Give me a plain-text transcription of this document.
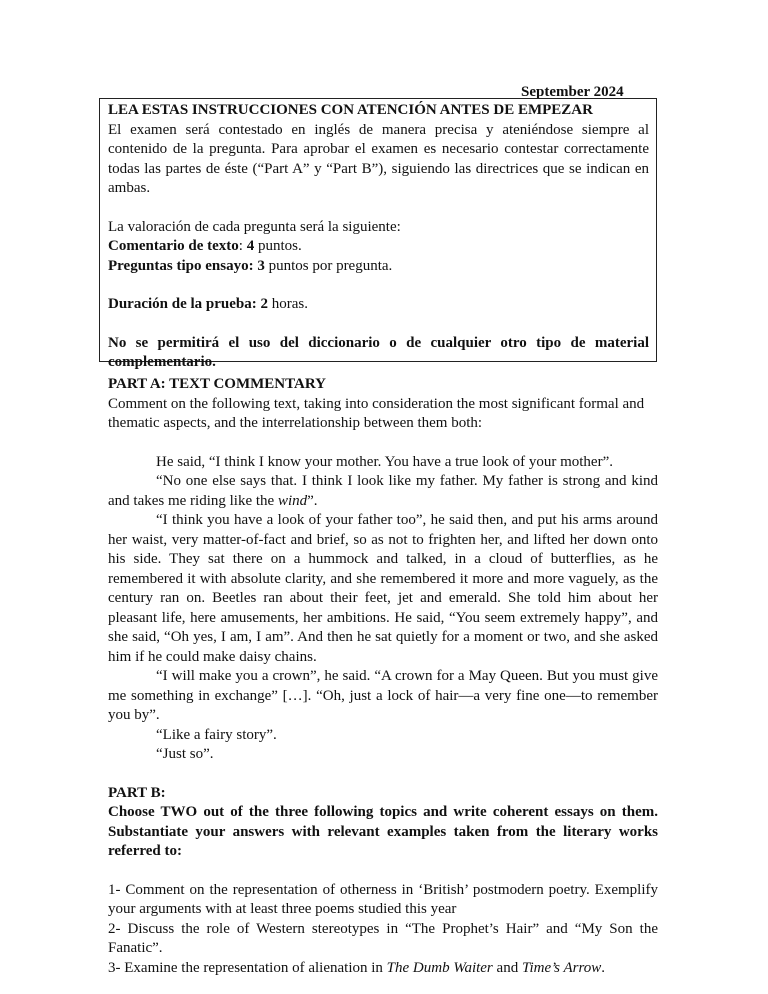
September 2024

LEA ESTAS INSTRUCCIONES CON ATENCIÓN ANTES DE EMPEZAR

El examen será contestado en inglés de manera precisa y ateniéndose siempre al contenido de la pregunta. Para aprobar el examen es necesario contestar correctamente todas las partes de éste (“Part A” y “Part B”), siguiendo las directrices que se indican en ambas.

La valoración de cada pregunta será la siguiente:

Comentario de texto: 4 puntos.

Preguntas tipo ensayo: 3 puntos por pregunta.

Duración de la prueba: 2 horas.

No se permitirá el uso del diccionario o de cualquier otro tipo de material complementario.

PART A: TEXT COMMENTARY

Comment on the following text, taking into consideration the most significant formal and thematic aspects, and the interrelationship between them both:

He said, “I think I know your mother. You have a true look of your mother”.

“No one else says that. I think I look like my father. My father is strong and kind and takes me riding like the wind”.

“I think you have a look of your father too”, he said then, and put his arms around her waist, very matter-of-fact and brief, so as not to frighten her, and lifted her down onto his side. They sat there on a hummock and talked, in a cloud of butterflies, as he remembered it with absolute clarity, and she remembered it more and more vaguely, as the century ran on. Beetles ran about their feet, jet and emerald. She told him about her pleasant life, here amusements, her ambitions. He said, “You seem extremely happy”, and she said, “Oh yes, I am, I am”. And then he sat quietly for a moment or two, and she asked him if he could make daisy chains.

“I will make you a crown”, he said. “A crown for a May Queen. But you must give me something in exchange” […]. “Oh, just a lock of hair—a very fine one—to remember you by”.

“Like a fairy story”.

“Just so”.

PART B:

Choose TWO out of the three following topics and write coherent essays on them. Substantiate your answers with relevant examples taken from the literary works referred to:

1- Comment on the representation of otherness in ‘British’ postmodern poetry. Exemplify your arguments with at least three poems studied this year

2- Discuss the role of Western stereotypes in “The Prophet’s Hair” and “My Son the Fanatic”.

3- Examine the representation of alienation in The Dumb Waiter and Time’s Arrow.
